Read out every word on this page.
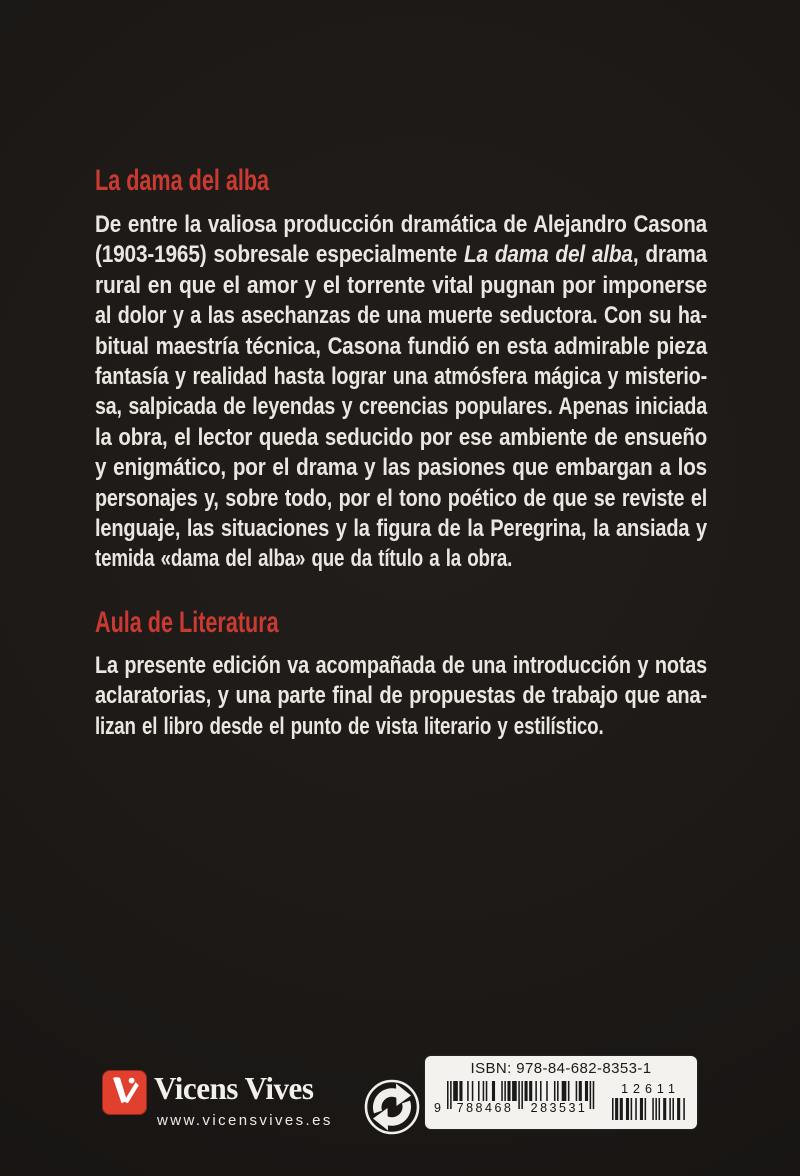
La dama del alba
De entre la valiosa producción dramática de Alejandro Casona
(1903-1965) sobresale especialmente La dama del alba, drama
rural en que el amor y el torrente vital pugnan por imponerse
al dolor y a las asechanzas de una muerte seductora. Con su ha-
bitual maestría técnica, Casona fundió en esta admirable pieza
fantasía y realidad hasta lograr una atmósfera mágica y misterio-
sa, salpicada de leyendas y creencias populares. Apenas iniciada
la obra, el lector queda seducido por ese ambiente de ensueño
y enigmático, por el drama y las pasiones que embargan a los
personajes y, sobre todo, por el tono poético de que se reviste el
lenguaje, las situaciones y la figura de la Peregrina, la ansiada y
temida «dama del alba» que da título a la obra.
Aula de Literatura
La presente edición va acompañada de una introducción y notas
aclaratorias, y una parte final de propuestas de trabajo que ana-
lizan el libro desde el punto de vista literario y estilístico.
Vicens Vives
www.vicensvives.es
ISBN: 978-84-682-8353-1
9	788468	283531
12611
